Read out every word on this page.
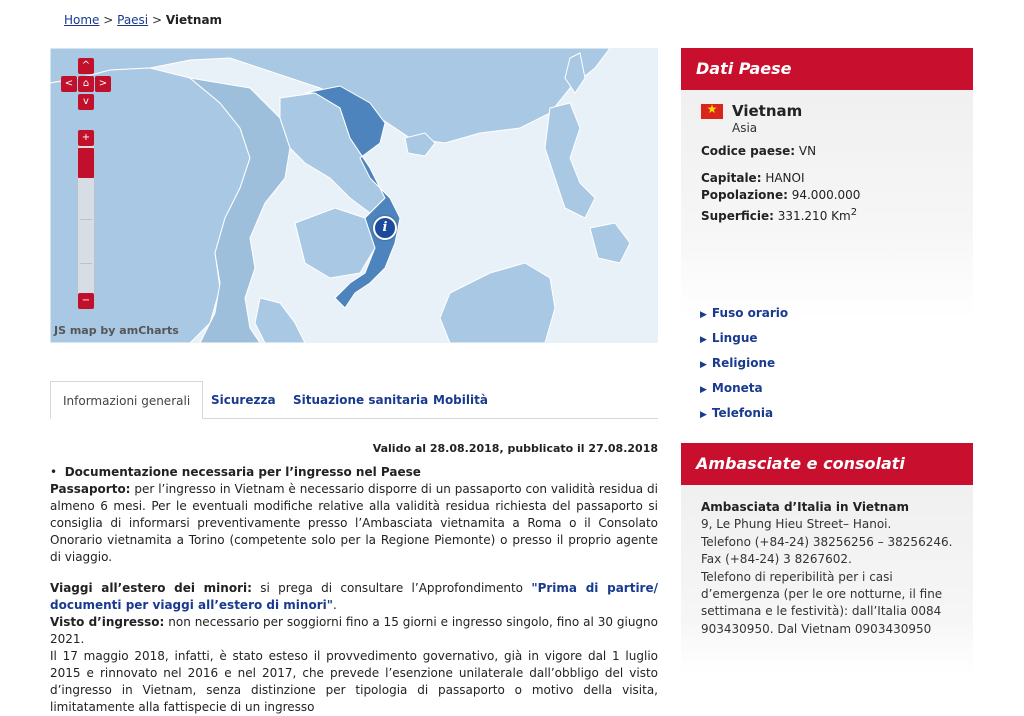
Home > Paesi > Vietnam
^
< ⌂ >
v
+
−
i
JS map by amCharts
Informazioni generali	Sicurezza	Situazione sanitaria Mobilità
Valido al 28.08.2018, pubblicato il 27.08.2018

•  Documentazione necessaria per l’ingresso nel Paese

Passaporto: per l’ingresso in Vietnam è necessario disporre di un passaporto con validità residua di almeno 6 mesi. Per le eventuali modifiche relative alla validità residua richiesta del passaporto si consiglia di informarsi preventivamente presso l’Ambasciata vietnamita a Roma o il Consolato Onorario vietnamita a Torino (competente solo per la Regione Piemonte) o presso il proprio agente di viaggio.

Viaggi all’estero dei minori: si prega di consultare l’Approfondimento "Prima di partire/ documenti per viaggi all’estero di minori".

Visto d’ingresso: non necessario per soggiorni fino a 15 giorni e ingresso singolo, fino al 30 giugno 2021.

Il 17 maggio 2018, infatti, è stato esteso il provvedimento governativo, già in vigore dal 1 luglio 2015 e rinnovato nel 2016 e nel 2017, che prevede l’esenzione unilaterale dall’obbligo del visto d’ingresso in Vietnam, senza distinzione per tipologia di passaporto o motivo della visita, limitatamente alla fattispecie di un ingresso

Dati Paese
★
Vietnam
Asia
Codice paese: VN
Capitale: HANOI
Popolazione: 94.000.000
Superficie: 331.210 Km$^2$
▶ Fuso orario
▶ Lingue
▶ Religione
▶ Moneta
▶ Telefonia
Ambasciate e consolati
Ambasciata d’Italia in Vietnam
9, Le Phung Hieu Street– Hanoi.
Telefono (+84-24) 38256256 – 38256246.
Fax (+84-24) 3 8267602.
Telefono di reperibilità per i casi d’emergenza (per le ore notturne, il fine settimana e le festività): dall’Italia 0084 903430950. Dal Vietnam 0903430950
